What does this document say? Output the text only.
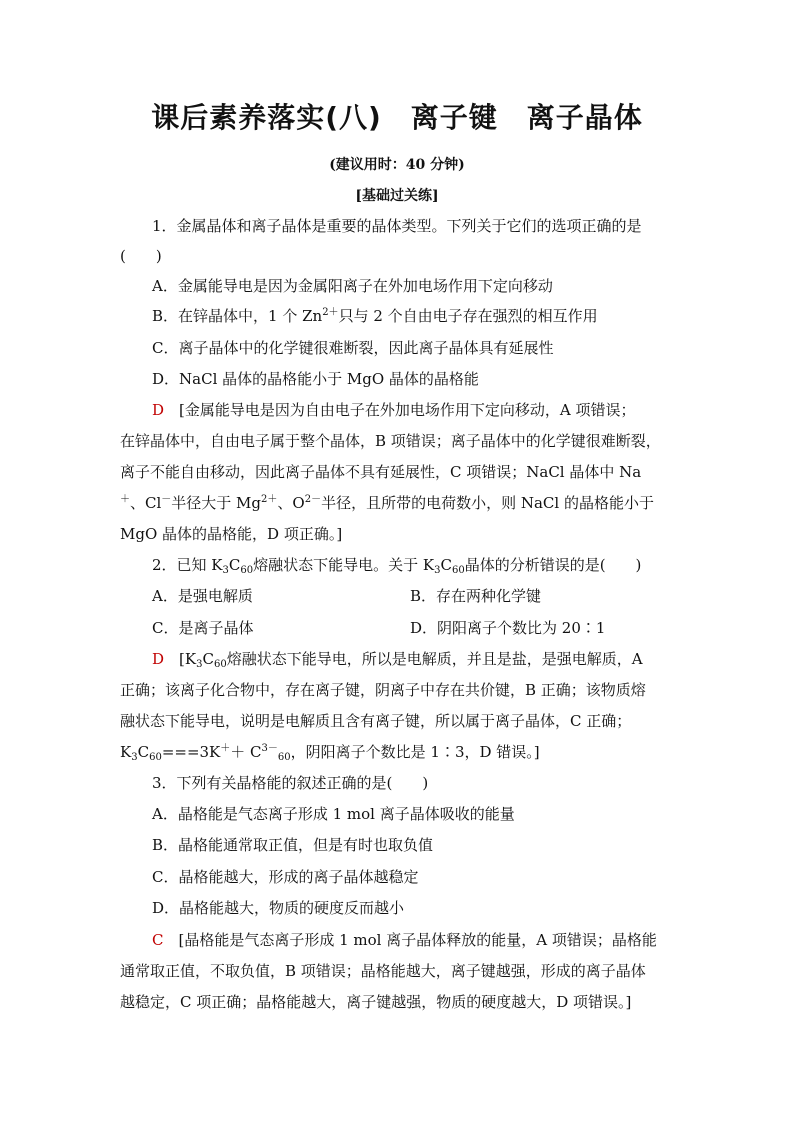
课后素养落实(八)　离子键　离子晶体
(建议用时：40 分钟)
[基础过关练]
1．金属晶体和离子晶体是重要的晶体类型。下列关于它们的选项正确的是
(　　)
A．金属能导电是因为金属阳离子在外加电场作用下定向移动
B．在锌晶体中，1 个 $Zn^{2+}$只与 2 个自由电子存在强烈的相互作用
C．离子晶体中的化学键很难断裂，因此离子晶体具有延展性
D．NaCl 晶体的晶格能小于 MgO 晶体的晶格能
D　 [金属能导电是因为自由电子在外加电场作用下定向移动，A 项错误；
在锌晶体中，自由电子属于整个晶体，B 项错误；离子晶体中的化学键很难断裂，
离子不能自由移动，因此离子晶体不具有延展性，C 项错误；NaCl 晶体中 Na
＋、Cl－半径大于 $Mg^{2+}$、$O^{2-}$半径，且所带的电荷数小，则 NaCl 的晶格能小于
MgO 晶体的晶格能，D 项正确。]
2．已知 $K_3C_{60}$熔融状态下能导电。关于 $K_3C_{60}$晶体的分析错误的是(　　)
A．是强电解质	B．存在两种化学键
C．是离子晶体	D．阴阳离子个数比为 20∶1
D　 [$K_3C_{60}$熔融状态下能导电，所以是电解质，并且是盐，是强电解质，A
正确；该离子化合物中，存在离子键，阴离子中存在共价键，B 正确；该物质熔
融状态下能导电，说明是电解质且含有离子键，所以属于离子晶体，C 正确；
$K_3C_{60}===3K^++ C^{3-}_{60}$，阴阳离子个数比是 1∶3，D 错误。]
3．下列有关晶格能的叙述正确的是(　　)
A．晶格能是气态离子形成 1 mol 离子晶体吸收的能量
B．晶格能通常取正值，但是有时也取负值
C．晶格能越大，形成的离子晶体越稳定
D．晶格能越大，物质的硬度反而越小
C　 [晶格能是气态离子形成 1 mol 离子晶体释放的能量，A 项错误；晶格能
通常取正值，不取负值，B 项错误；晶格能越大，离子键越强，形成的离子晶体
越稳定，C 项正确；晶格能越大，离子键越强，物质的硬度越大，D 项错误。]
